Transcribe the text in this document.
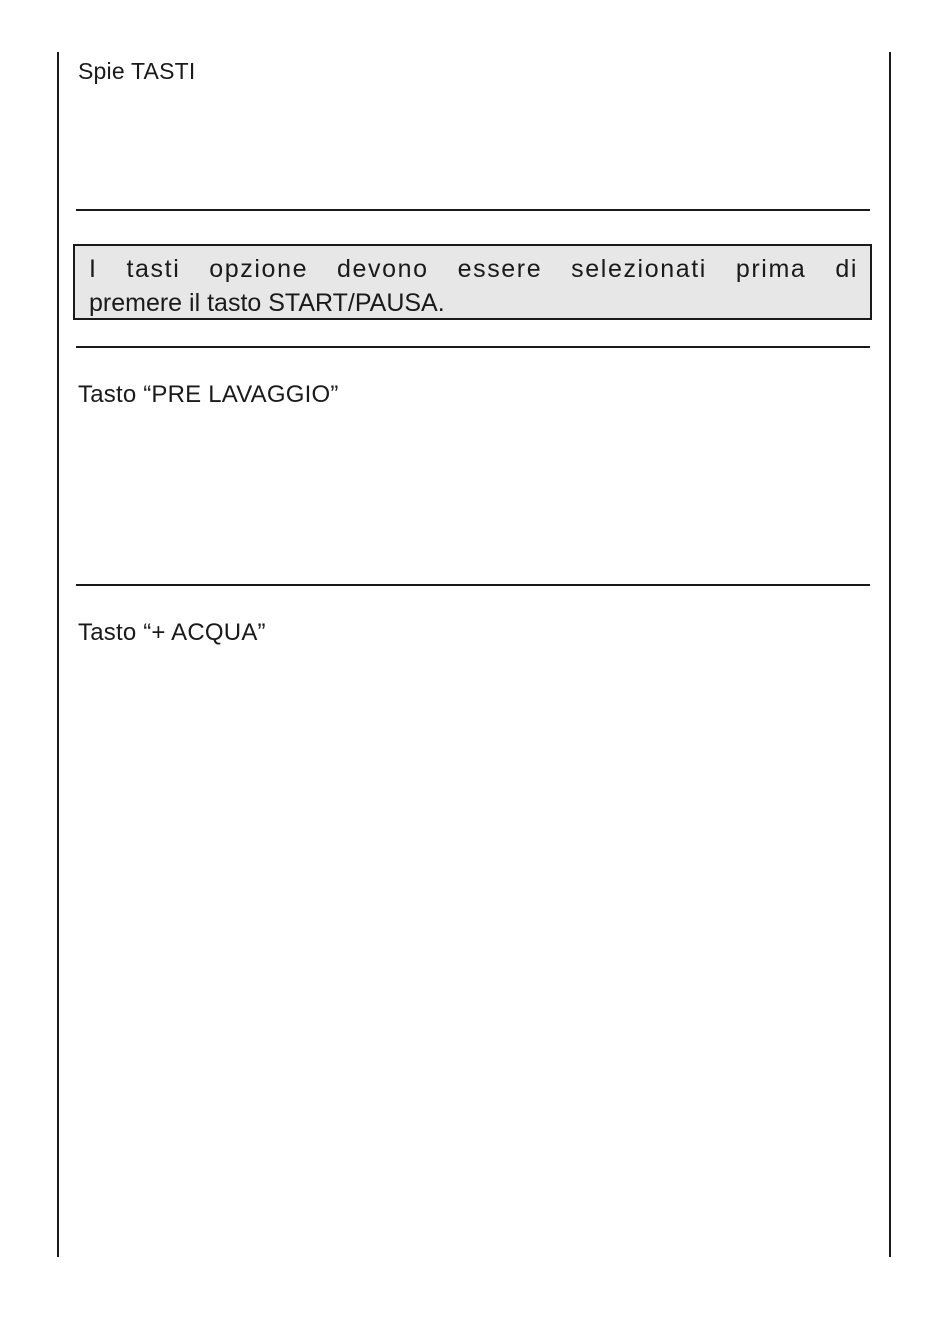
Spie TASTI
I tasti opzione devono essere selezionati prima di
premere il tasto START/PAUSA.
Tasto “PRE LAVAGGIO”
Tasto “+ ACQUA”
